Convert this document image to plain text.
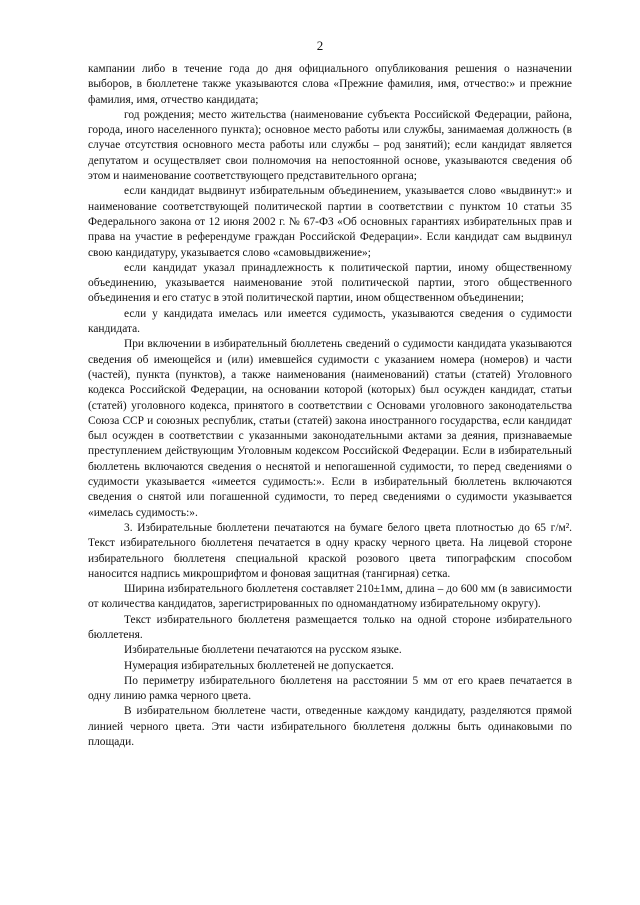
2

кампании либо в течение года до дня официального опубликования решения о назначении выборов, в бюллетене также указываются слова «Прежние фамилия, имя, отчество:» и прежние фамилия, имя, отчество кандидата;

год рождения; место жительства (наименование субъекта Российской Федерации, района, города, иного населенного пункта); основное место работы или службы, занимаемая должность (в случае отсутствия основного места работы или службы – род занятий); если кандидат является депутатом и осуществляет свои полномочия на непостоянной основе, указываются сведения об этом и наименование соответствующего представительного органа;

если кандидат выдвинут избирательным объединением, указывается слово «выдвинут:» и наименование соответствующей политической партии в соответствии с пунктом 10 статьи 35 Федерального закона от 12 июня 2002 г. № 67-ФЗ «Об основных гарантиях избирательных прав и права на участие в референдуме граждан Российской Федерации». Если кандидат сам выдвинул свою кандидатуру, указывается слово «самовыдвижение»;

если кандидат указал принадлежность к политической партии, иному общественному объединению, указывается наименование этой политической партии, этого общественного объединения и его статус в этой политической партии, ином общественном объединении;

если у кандидата имелась или имеется судимость, указываются сведения о судимости кандидата.

При включении в избирательный бюллетень сведений о судимости кандидата указываются сведения об имеющейся и (или) имевшейся судимости с указанием номера (номеров) и части (частей), пункта (пунктов), а также наименования (наименований) статьи (статей) Уголовного кодекса Российской Федерации, на основании которой (которых) был осужден кандидат, статьи (статей) уголовного кодекса, принятого в соответствии с Основами уголовного законодательства Союза ССР и союзных республик, статьи (статей) закона иностранного государства, если кандидат был осужден в соответствии с указанными законодательными актами за деяния, признаваемые преступлением действующим Уголовным кодексом Российской Федерации. Если в избирательный бюллетень включаются сведения о неснятой и непогашенной судимости, то перед сведениями о судимости указывается «имеется судимость:». Если в избирательный бюллетень включаются сведения о снятой или погашенной судимости, то перед сведениями о судимости указывается «имелась судимость:».

3. Избирательные бюллетени печатаются на бумаге белого цвета плотностью до 65 г/м². Текст избирательного бюллетеня печатается в одну краску черного цвета. На лицевой стороне избирательного бюллетеня специальной краской розового цвета типографским способом наносится надпись микрошрифтом и фоновая защитная (тангирная) сетка.

Ширина избирательного бюллетеня составляет 210±1мм, длина – до 600 мм (в зависимости от количества кандидатов, зарегистрированных по одномандатному избирательному округу).

Текст избирательного бюллетеня размещается только на одной стороне избирательного бюллетеня.

Избирательные бюллетени печатаются на русском языке.

Нумерация избирательных бюллетеней не допускается.

По периметру избирательного бюллетеня на расстоянии 5 мм от его краев печатается в одну линию рамка черного цвета.

В избирательном бюллетене части, отведенные каждому кандидату, разделяются прямой линией черного цвета. Эти части избирательного бюллетеня должны быть одинаковыми по площади.
